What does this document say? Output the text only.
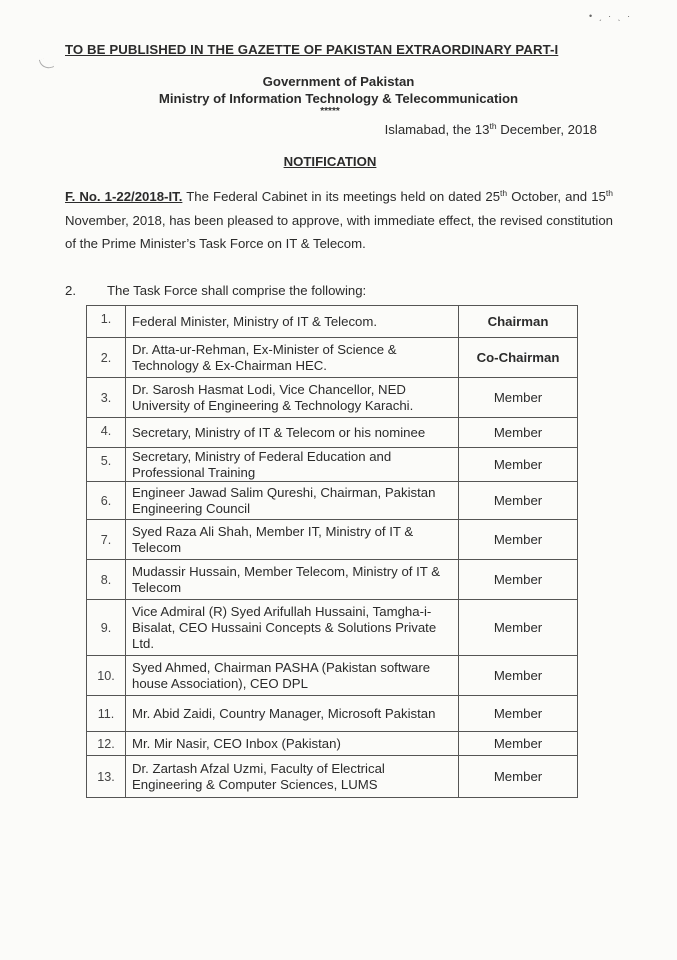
• ˏ · ˎ ·
TO BE PUBLISHED IN THE GAZETTE OF PAKISTAN EXTRAORDINARY PART-I
Government of Pakistan
Ministry of Information Technology & Telecommunication
*****
Islamabad, the 13th December, 2018
NOTIFICATION
F. No. 1-22/2018-IT. The Federal Cabinet in its meetings held on dated 25th October, and 15th November, 2018, has been pleased to approve, with immediate effect, the revised constitution of the Prime Minister’s Task Force on IT & Telecom.
2. The Task Force shall comprise the following:
1.	Federal Minister, Ministry of IT & Telecom.	Chairman
2.	Dr. Atta-ur-Rehman, Ex-Minister of Science & Technology & Ex-Chairman HEC.	Co-Chairman
3.	Dr. Sarosh Hasmat Lodi, Vice Chancellor, NED University of Engineering & Technology Karachi.	Member
4.	Secretary, Ministry of IT & Telecom or his nominee	Member
5.	Secretary, Ministry of Federal Education and Professional Training	Member
6.	Engineer Jawad Salim Qureshi, Chairman, Pakistan Engineering Council	Member
7.	Syed Raza Ali Shah, Member IT, Ministry of IT & Telecom	Member
8.	Mudassir Hussain, Member Telecom, Ministry of IT & Telecom	Member
9.	Vice Admiral (R) Syed Arifullah Hussaini, Tamgha-i-Bisalat, CEO Hussaini Concepts & Solutions Private Ltd.	Member
10.	Syed Ahmed, Chairman PASHA (Pakistan software house Association), CEO DPL	Member
11.	Mr. Abid Zaidi, Country Manager, Microsoft Pakistan	Member
12.	Mr. Mir Nasir, CEO Inbox (Pakistan)	Member
13.	Dr. Zartash Afzal Uzmi, Faculty of Electrical Engineering & Computer Sciences, LUMS	Member
